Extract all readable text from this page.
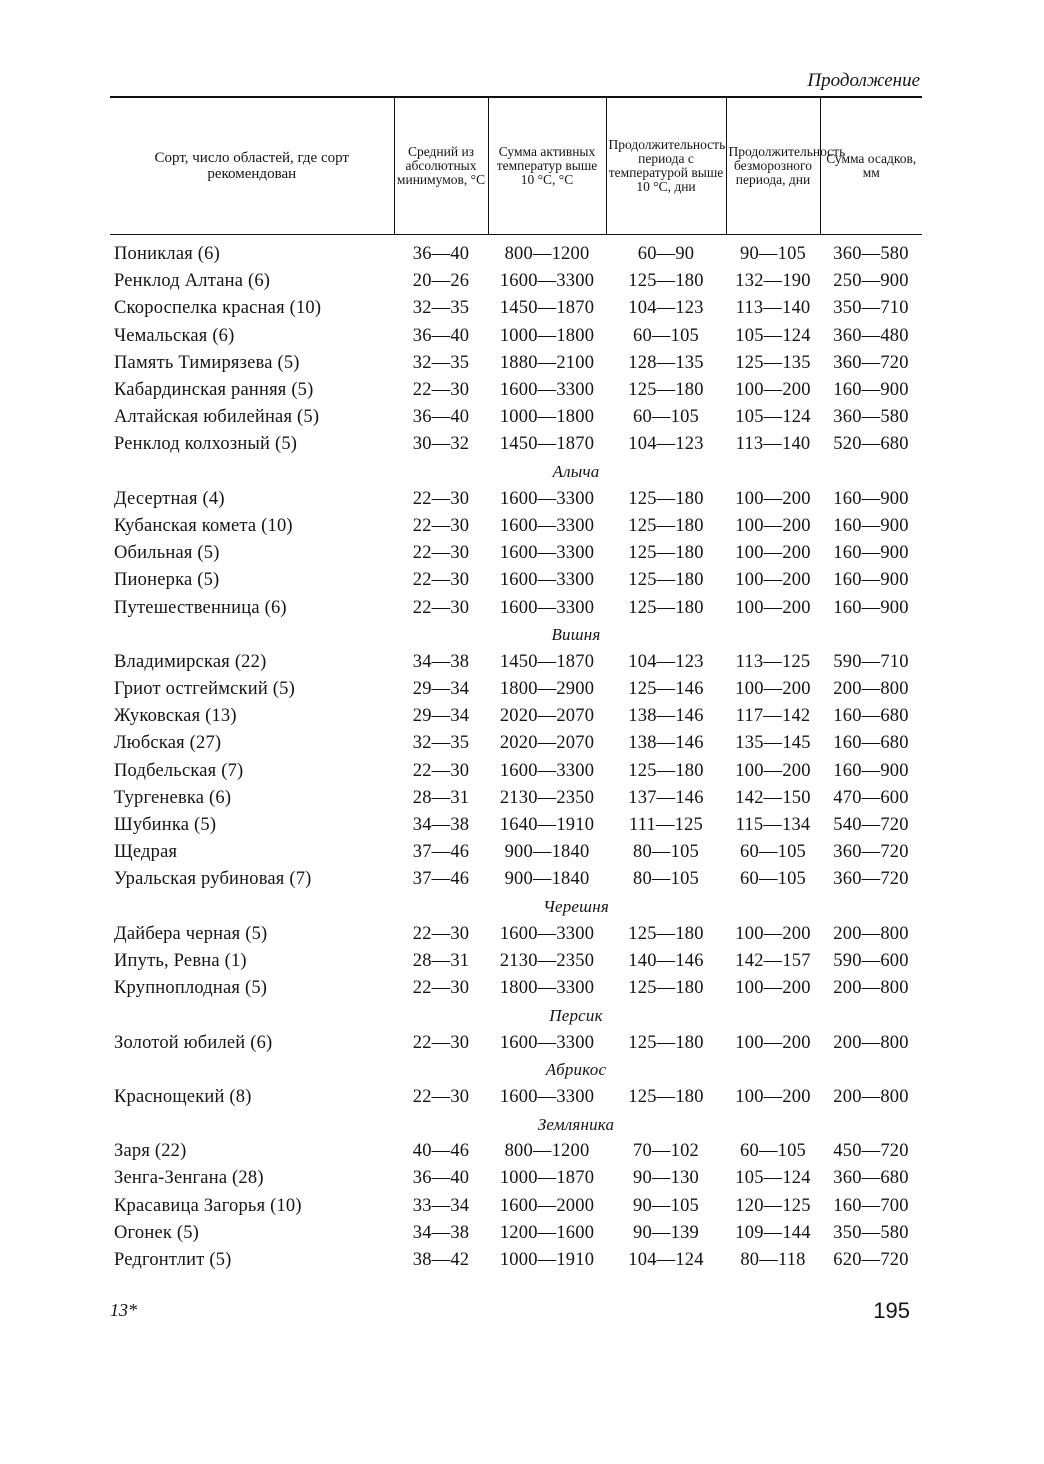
Продолжение
Сорт, число областей, где сорт рекомендован	Средний из абсолютных минимумов, °С	Сумма активных температур выше 10 °С, °С	Продолжительность периода с температурой выше 10 °С, дни	Продолжительность безморозного периода, дни	Сумма осадков, мм
Пониклая (6)	36—40	800—1200	60—90	90—105	360—580
Ренклод Алтана (6)	20—26	1600—3300	125—180	132—190	250—900
Скороспелка красная (10)	32—35	1450—1870	104—123	113—140	350—710
Чемальская (6)	36—40	1000—1800	60—105	105—124	360—480
Память Тимирязева (5)	32—35	1880—2100	128—135	125—135	360—720
Кабардинская ранняя (5)	22—30	1600—3300	125—180	100—200	160—900
Алтайская юбилейная (5)	36—40	1000—1800	60—105	105—124	360—580
Ренклод колхозный (5)	30—32	1450—1870	104—123	113—140	520—680
Алыча					
Десертная (4)	22—30	1600—3300	125—180	100—200	160—900
Кубанская комета (10)	22—30	1600—3300	125—180	100—200	160—900
Обильная (5)	22—30	1600—3300	125—180	100—200	160—900
Пионерка (5)	22—30	1600—3300	125—180	100—200	160—900
Путешественница (6)	22—30	1600—3300	125—180	100—200	160—900
Вишня					
Владимирская (22)	34—38	1450—1870	104—123	113—125	590—710
Гриот остгеймский (5)	29—34	1800—2900	125—146	100—200	200—800
Жуковская (13)	29—34	2020—2070	138—146	117—142	160—680
Любская (27)	32—35	2020—2070	138—146	135—145	160—680
Подбельская (7)	22—30	1600—3300	125—180	100—200	160—900
Тургеневка (6)	28—31	2130—2350	137—146	142—150	470—600
Шубинка (5)	34—38	1640—1910	111—125	115—134	540—720
Щедрая	37—46	900—1840	80—105	60—105	360—720
Уральская рубиновая (7)	37—46	900—1840	80—105	60—105	360—720
Черешня					
Дайбера черная (5)	22—30	1600—3300	125—180	100—200	200—800
Ипуть, Ревна (1)	28—31	2130—2350	140—146	142—157	590—600
Крупноплодная (5)	22—30	1800—3300	125—180	100—200	200—800
Персик					
Золотой юбилей (6)	22—30	1600—3300	125—180	100—200	200—800
Абрикос					
Краснощекий (8)	22—30	1600—3300	125—180	100—200	200—800
Земляника					
Заря (22)	40—46	800—1200	70—102	60—105	450—720
Зенга-Зенгана (28)	36—40	1000—1870	90—130	105—124	360—680
Красавица Загорья (10)	33—34	1600—2000	90—105	120—125	160—700
Огонек (5)	34—38	1200—1600	90—139	109—144	350—580
Редгонтлит (5)	38—42	1000—1910	104—124	80—118	620—720
13*	195
